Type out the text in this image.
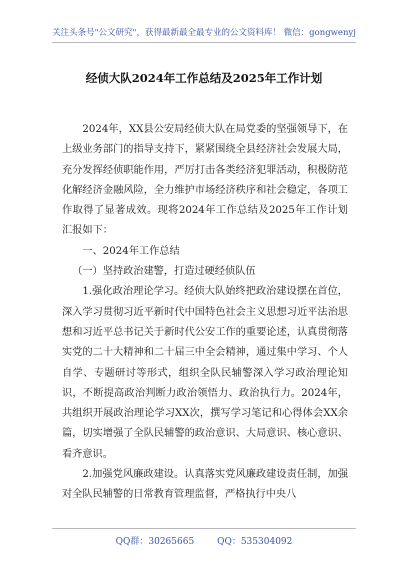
关注头条号"公文研究"，获得最新最全最专业的公文资料库！ 微信：gongwenyj
经侦大队2024年工作总结及2025年工作计划

2024年，XX县公安局经侦大队在局党委的坚强领导下，在上级业务部门的指导支持下，紧紧围绕全县经济社会发展大局，充分发挥经侦职能作用，严厉打击各类经济犯罪活动，积极防范化解经济金融风险，全力维护市场经济秩序和社会稳定，各项工作取得了显著成效。现将2024年工作总结及2025年工作计划汇报如下：

一、2024年工作总结

（一）坚持政治建警，打造过硬经侦队伍

1.强化政治理论学习。经侦大队始终把政治建设摆在首位，深入学习贯彻习近平新时代中国特色社会主义思想习近平法治思想和习近平总书记关于新时代公安工作的重要论述，认真贯彻落实党的二十大精神和二十届三中全会精神，通过集中学习、个人自学、专题研讨等形式，组织全队民辅警深入学习政治理论知识，不断提高政治判断力政治领悟力、政治执行力。2024年，共组织开展政治理论学习XX次，撰写学习笔记和心得体会XX余篇，切实增强了全队民辅警的政治意识、大局意识、核心意识、看齐意识。

2.加强党风廉政建设。认真落实党风廉政建设责任制，加强对全队民辅警的日常教育管理监督，严格执行中央八

QQ群：30265665	QQ：535304092
